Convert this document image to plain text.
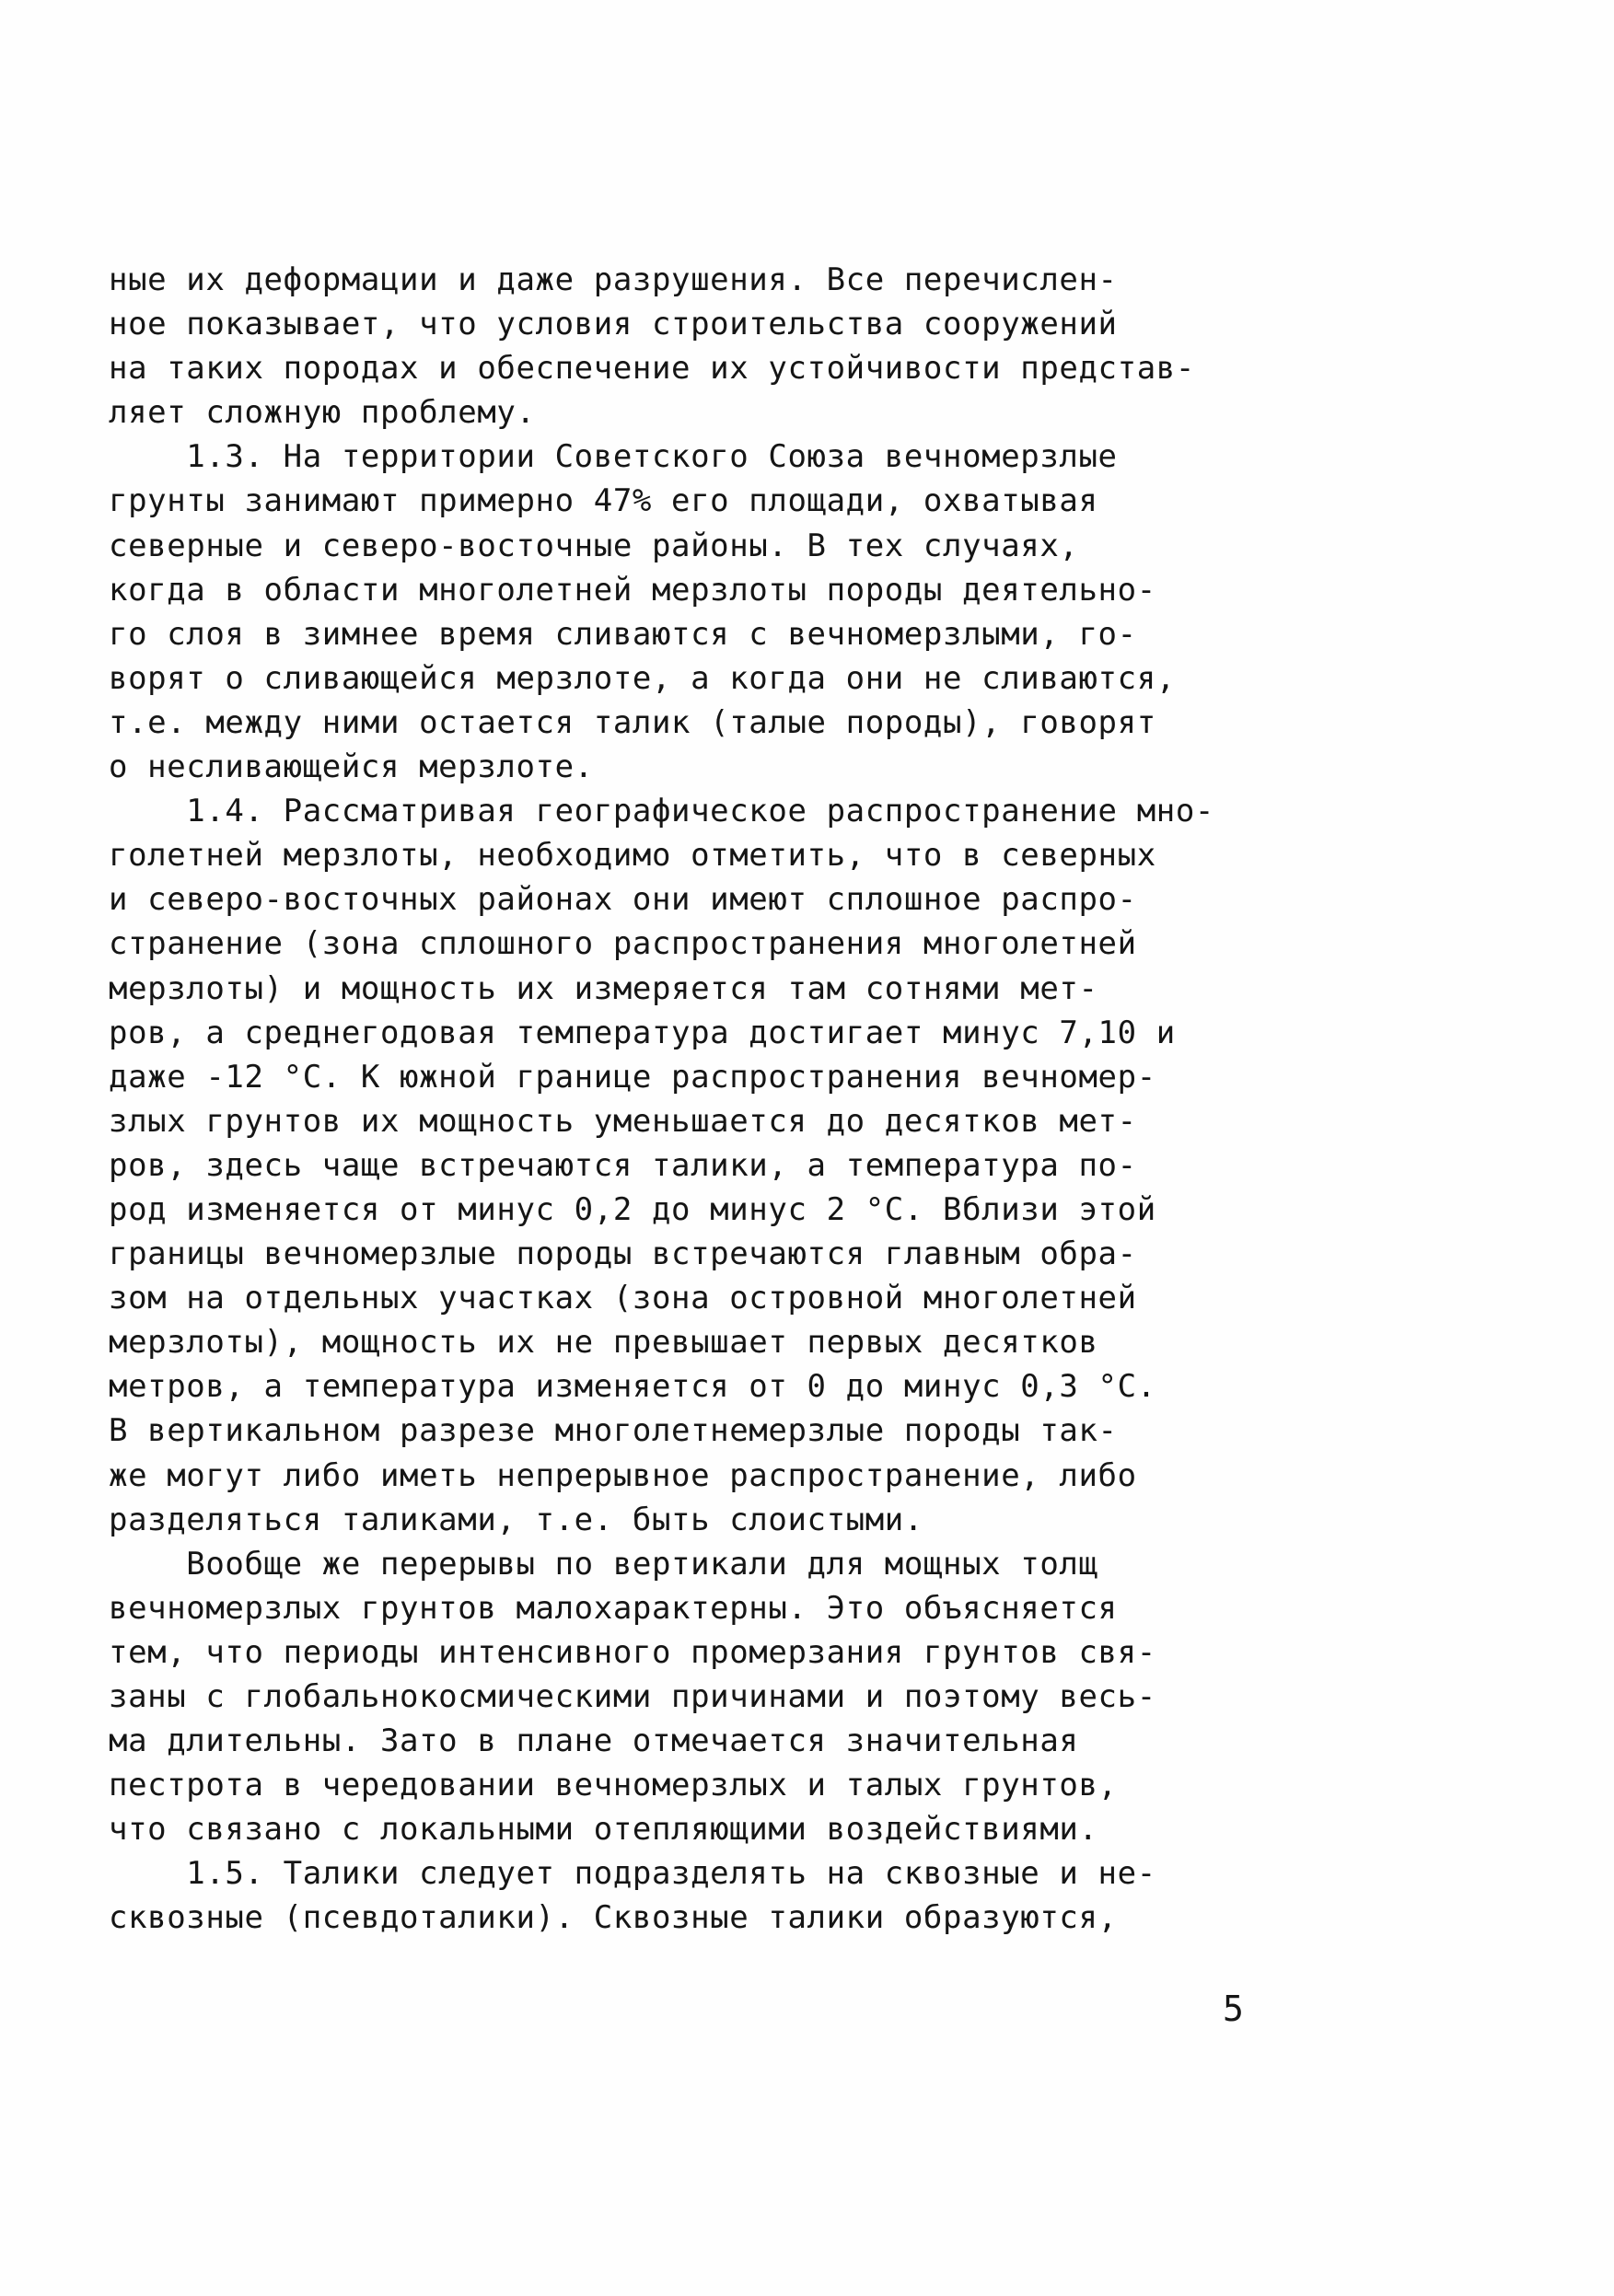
ные их деформации и даже разрушения. Все перечислен-
ное показывает, что условия строительства сооружений
на таких породах и обеспечение их устойчивости представ-
ляет сложную проблему.
1.3. На территории Советского Союза вечномерзлые
грунты занимают примерно 47% его площади, охватывая
северные и северо-восточные районы. В тех случаях,
когда в области многолетней мерзлоты породы деятельно-
го слоя в зимнее время сливаются с вечномерзлыми, го-
ворят о сливающейся мерзлоте, а когда они не сливаются,
т.е. между ними остается талик (талые породы), говорят
о несливающейся мерзлоте.
1.4. Рассматривая географическое распространение мно-
голетней мерзлоты, необходимо отметить, что в северных
и северо-восточных районах они имеют сплошное распро-
странение (зона сплошного распространения многолетней
мерзлоты) и мощность их измеряется там сотнями мет-
ров, а среднегодовая температура достигает минус 7,10 и
даже -12 °С. К южной границе распространения вечномер-
злых грунтов их мощность уменьшается до десятков мет-
ров, здесь чаще встречаются талики, а температура по-
род изменяется от минус 0,2 до минус 2 °С. Вблизи этой
границы вечномерзлые породы встречаются главным обра-
зом на отдельных участках (зона островной многолетней
мерзлоты), мощность их не превышает первых десятков
метров, а температура изменяется от 0 до минус 0,3 °С.
В вертикальном разрезе многолетнемерзлые породы так-
же могут либо иметь непрерывное распространение, либо
разделяться таликами, т.е. быть слоистыми.
Вообще же перерывы по вертикали для мощных толщ
вечномерзлых грунтов малохарактерны. Это объясняется
тем, что периоды интенсивного промерзания грунтов свя-
заны с глобальнокосмическими причинами и поэтому весь-
ма длительны. Зато в плане отмечается значительная
пестрота в чередовании вечномерзлых и талых грунтов,
что связано с локальными отепляющими воздействиями.
1.5. Талики следует подразделять на сквозные и не-
сквозные (псевдоталики). Сквозные талики образуются,
5
